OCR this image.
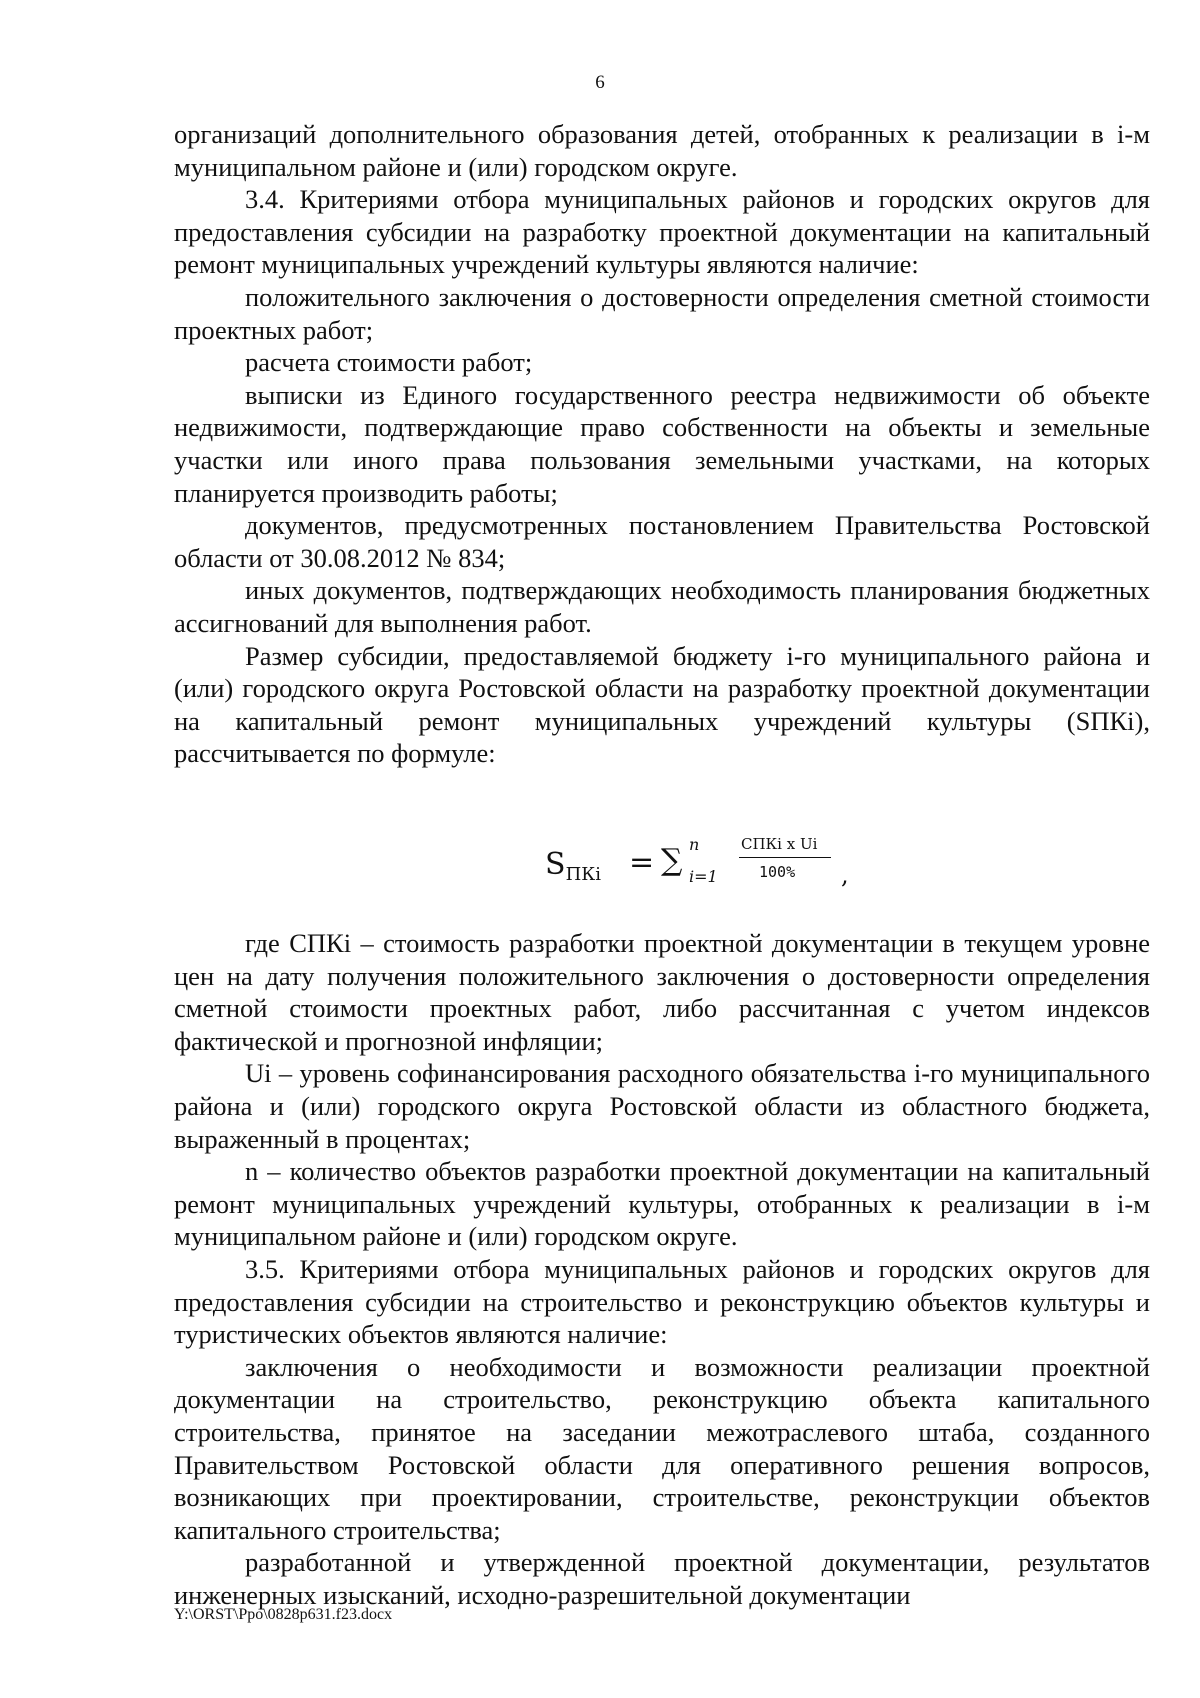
6

организаций дополнительного образования детей, отобранных к реализации в i-м муниципальном районе и (или) городском округе.

3.4. Критериями отбора муниципальных районов и городских округов для предоставления субсидии на разработку проектной документации на капитальный ремонт муниципальных учреждений культуры являются наличие:

положительного заключения о достоверности определения сметной стоимости проектных работ;

расчета стоимости работ;

выписки из Единого государственного реестра недвижимости об объекте недвижимости, подтверждающие право собственности на объекты и земельные участки или иного права пользования земельными участками, на которых планируется производить работы;

документов, предусмотренных постановлением Правительства Ростовской области от 30.08.2012 № 834;

иных документов, подтверждающих необходимость планирования бюджетных ассигнований для выполнения работ.

Размер субсидии, предоставляемой бюджету i-го муниципального района и (или) городского округа Ростовской области на разработку проектной документации на капитальный ремонт муниципальных учреждений культуры (SПКi), рассчитывается по формуле:

$S_{ПКi}$ = ∑ n
i=1
CПКi x Ui
100% ,

где CПКi – стоимость разработки проектной документации в текущем уровне цен на дату получения положительного заключения о достоверности определения сметной стоимости проектных работ, либо рассчитанная с учетом индексов фактической и прогнозной инфляции;

Ui – уровень софинансирования расходного обязательства i-го муниципального района и (или) городского округа Ростовской области из областного бюджета, выраженный в процентах;

n – количество объектов разработки проектной документации на капитальный ремонт муниципальных учреждений культуры, отобранных к реализации в i-м муниципальном районе и (или) городском округе.

3.5. Критериями отбора муниципальных районов и городских округов для предоставления субсидии на строительство и реконструкцию объектов культуры и туристических объектов являются наличие:

заключения о необходимости и возможности реализации проектной документации на строительство, реконструкцию объекта капитального строительства, принятое на заседании межотраслевого штаба, созданного Правительством Ростовской области для оперативного решения вопросов, возникающих при проектировании, строительстве, реконструкции объектов капитального строительства;

разработанной и утвержденной проектной документации, результатов инженерных изысканий, исходно-разрешительной документации

Y:\ORST\Ppo\0828p631.f23.docx
